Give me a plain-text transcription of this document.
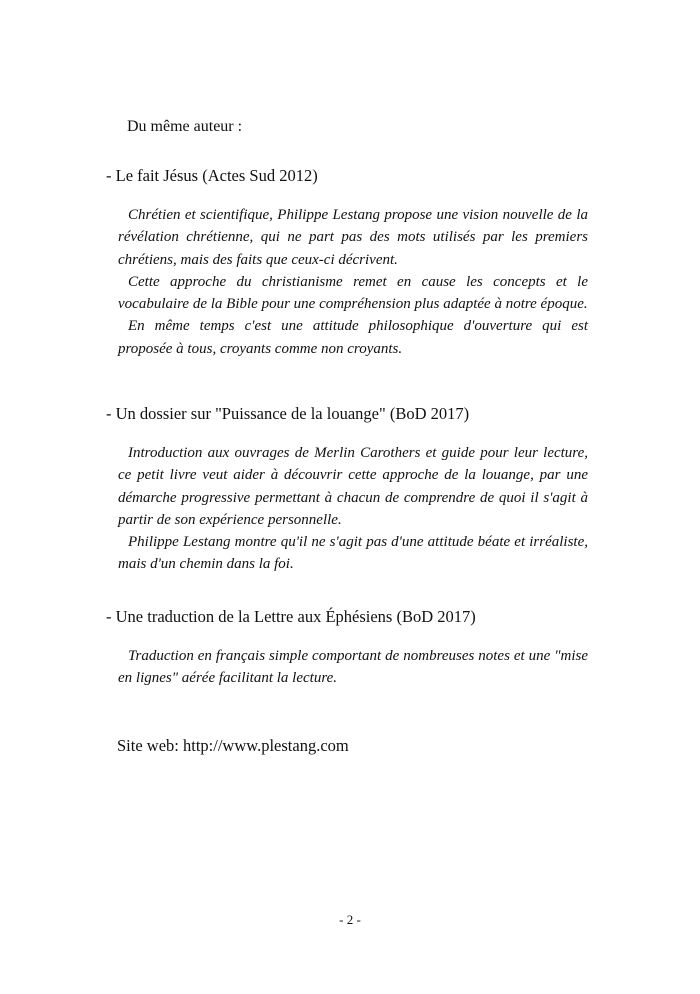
Du même auteur :
- Le fait Jésus (Actes Sud 2012)

Chrétien et scientifique, Philippe Lestang propose une vision nouvelle de la révélation chrétienne, qui ne part pas des mots utilisés par les premiers chrétiens, mais des faits que ceux-ci décrivent.

Cette approche du christianisme remet en cause les concepts et le vocabulaire de la Bible pour une compréhension plus adaptée à notre époque.

En même temps c'est une attitude philosophique d'ouverture qui est proposée à tous, croyants comme non croyants.

- Un dossier sur "Puissance de la louange" (BoD 2017)

Introduction aux ouvrages de Merlin Carothers et guide pour leur lecture, ce petit livre veut aider à découvrir cette approche de la louange, par une démarche progressive permettant à chacun de comprendre de quoi il s'agit à partir de son expérience personnelle.

Philippe Lestang montre qu'il ne s'agit pas d'une attitude béate et irréaliste, mais d'un chemin dans la foi.

- Une traduction de la Lettre aux Éphésiens (BoD 2017)

Traduction en français simple comportant de nombreuses notes et une "mise en lignes" aérée facilitant la lecture.

Site web: http://www.plestang.com
- 2 -
